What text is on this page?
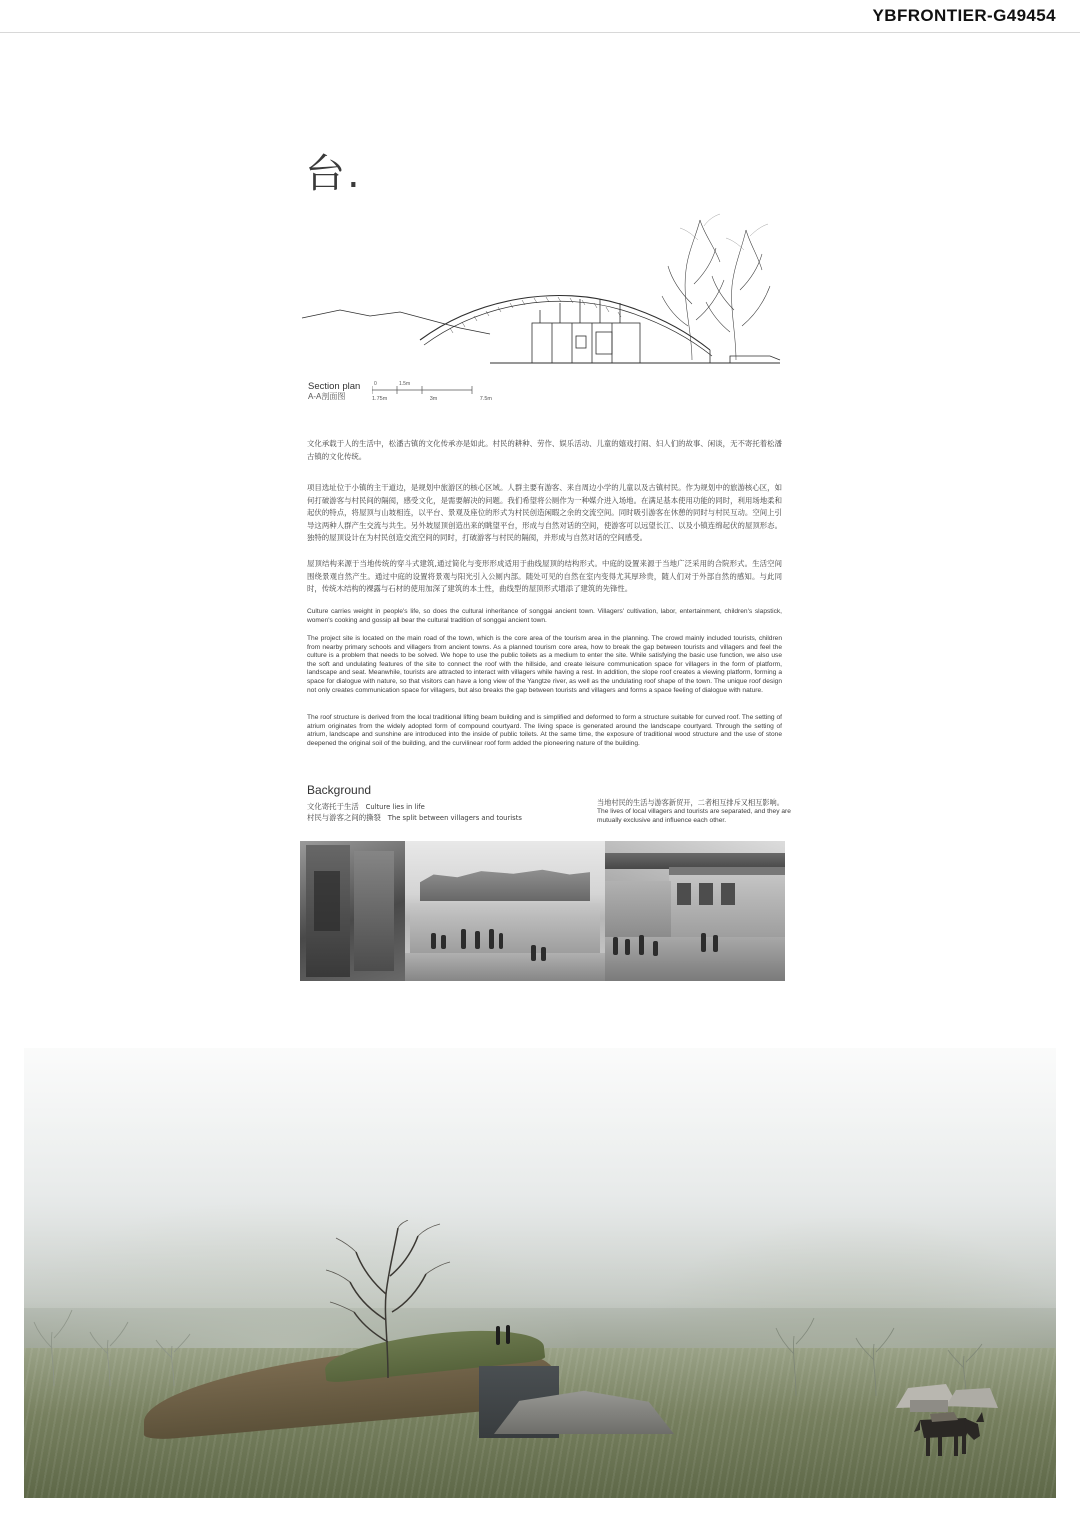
YBFRONTIER-G49454
台.
Section plan
A-A剖面图
0	1.5m
1.75m	3m	7.5m
文化承载于人的生活中，松潘古镇的文化传承亦是如此。村民的耕种、劳作、娱乐活动、儿童的嬉戏打闹、妇人们的故事、闲谈，无不寄托着松潘古镇的文化传统。
项目选址位于小镇的主干道边，是规划中旅游区的核心区域。人群主要有游客、来自周边小学的儿童以及古镇村民。作为规划中的旅游核心区，如何打破游客与村民间的隔阂，感受文化，是需要解决的问题。我们希望将公厕作为一种媒介进入场地。在满足基本使用功能的同时，利用场地柔和起伏的特点，将屋顶与山坡相连，以平台、景观及座位的形式为村民创造闲暇之余的交流空间。同时吸引游客在休憩的同时与村民互动。空间上引导这两种人群产生交流与共生。另外坡屋顶创造出来的眺望平台，形成与自然对话的空间，使游客可以远望长江、以及小镇连绵起伏的屋顶形态。独特的屋顶设计在为村民创造交流空间的同时，打破游客与村民的隔阂，并形成与自然对话的空间感受。
屋顶结构来源于当地传统的穿斗式建筑,通过简化与变形形成适用于曲线屋顶的结构形式。中庭的设置来源于当地广泛采用的合院形式。生活空间围绕景观自然产生。通过中庭的设置将景观与阳光引入公厕内部。随处可见的自然在室内变得尤其厚珍贵，随人们对于外部自然的感知。与此同时，传统木结构的裸露与石材的使用加深了建筑的本土性，曲线型的屋顶形式增添了建筑的先锋性。
Culture carries weight in people's life, so does the cultural inheritance of songgai ancient town. Villagers' cultivation, labor, entertainment, children's slapstick, women's cooking and gossip all bear the cultural tradition of songgai ancient town.
The project site is located on the main road of the town, which is the core area of the tourism area in the planning. The crowd mainly included tourists, children from nearby primary schools and villagers from ancient towns. As a planned tourism core area, how to break the gap between tourists and villagers and feel the culture is a problem that needs to be solved. We hope to use the public toilets as a medium to enter the site. While satisfying the basic use function, we also use the soft and undulating features of the site to connect the roof with the hillside, and create leisure communication space for villagers in the form of platform, landscape and seat. Meanwhile, tourists are attracted to interact with villagers while having a rest. In addition, the slope roof creates a viewing platform, forming a space for dialogue with nature, so that visitors can have a long view of the Yangtze river, as well as the undulating roof shape of the town. The unique roof design not only creates communication space for villagers, but also breaks the gap between tourists and villagers and forms a space feeling of dialogue with nature.
The roof structure is derived from the local traditional lifting beam building and is simplified and deformed to form a structure suitable for curved roof. The setting of atrium originates from the widely adopted form of compound courtyard. The living space is generated around the landscape courtyard. Through the setting of atrium, landscape and sunshine are introduced into the inside of public toilets. At the same time, the exposure of traditional wood structure and the use of stone deepened the original soil of the building, and the curvilinear roof form added the pioneering nature of the building.
Background
文化寄托于生活 Culture lies in life
村民与游客之间的撕裂 The split between villagers and tourists
当地村民的生活与游客新贸开，二者相互排斥又相互影响。
The lives of local villagers and tourists are separated, and they are mutually exclusive and influence each other.
